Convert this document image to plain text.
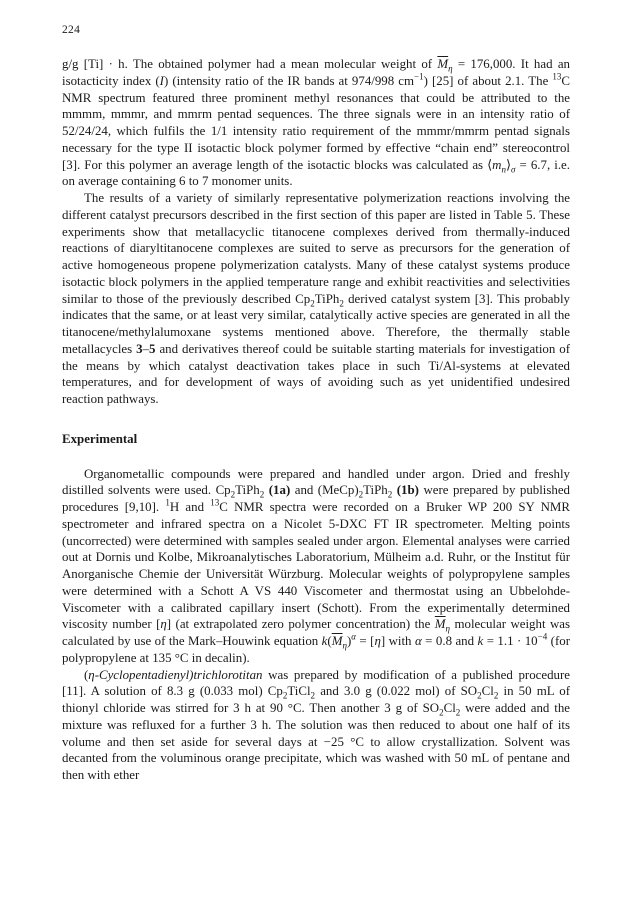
224

g/g [Ti] · h. The obtained polymer had a mean molecular weight of $\overline{M}_\eta = 176,000$. It had an isotacticity index (I) (intensity ratio of the IR bands at 974/998 $cm^{-1}$) [25] of about 2.1. The $^{13}$C NMR spectrum featured three prominent methyl resonances that could be attributed to the mmmm, mmmr, and mmrm pentad sequences. The three signals were in an intensity ratio of 52/24/24, which fulfils the 1/1 intensity ratio requirement of the mmmr/mmrm pentad signals necessary for the type II isotactic block polymer formed by effective “chain end” stereocontrol [3]. For this polymer an average length of the isotactic blocks was calculated as $⟨m_n⟩_\sigma = 6.7$, i.e. on average containing 6 to 7 monomer units.

The results of a variety of similarly representative polymerization reactions involving the different catalyst precursors described in the first section of this paper are listed in Table 5. These experiments show that metallacyclic titanocene complexes derived from thermally-induced reactions of diaryltitanocene complexes are suited to serve as precursors for the generation of active homogeneous propene polymerization catalysts. Many of these catalyst systems produce isotactic block polymers in the applied temperature range and exhibit reactivities and selectivities similar to those of the previously described $Cp_2TiPh_2$ derived catalyst system [3]. This probably indicates that the same, or at least very similar, catalytically active species are generated in all the titanocene/methylalumoxane systems mentioned above. Therefore, the thermally stable metallacycles 3–5 and derivatives thereof could be suitable starting materials for investigation of the means by which catalyst deactivation takes place in such Ti/Al-systems at elevated temperatures, and for development of ways of avoiding such as yet unidentified undesired reaction pathways.

Experimental

Organometallic compounds were prepared and handled under argon. Dried and freshly distilled solvents were used. $Cp_2TiPh_2$ (1a) and $(MeCp)_2TiPh_2$ (1b) were prepared by published procedures [9,10]. $^1$H and $^{13}$C NMR spectra were recorded on a Bruker WP 200 SY NMR spectrometer and infrared spectra on a Nicolet 5-DXC FT IR spectrometer. Melting points (uncorrected) were determined with samples sealed under argon. Elemental analyses were carried out at Dornis und Kolbe, Mikroanalytisches Laboratorium, Mülheim a.d. Ruhr, or the Institut für Anorganische Chemie der Universität Würzburg. Molecular weights of polypropylene samples were determined with a Schott A VS 440 Viscometer and thermostat using an Ubbelohde-Viscometer with a calibrated capillary insert (Schott). From the experimentally determined viscosity number [η] (at extrapolated zero polymer concentration) the $\overline{M}_\eta$ molecular weight was calculated by use of the Mark–Houwink equation $k(\overline{M}_\eta)^\alpha = [\eta]$ with α = 0.8 and $k = 1.1 \cdot 10^{-4}$ (for polypropylene at 135 °C in decalin).

(η-Cyclopentadienyl)trichlorotitan was prepared by modification of a published procedure [11]. A solution of 8.3 g (0.033 mol) $Cp_2TiCl_2$ and 3.0 g (0.022 mol) of $SO_2Cl_2$ in 50 mL of thionyl chloride was stirred for 3 h at 90 °C. Then another 3 g of $SO_2Cl_2$ were added and the mixture was refluxed for a further 3 h. The solution was then reduced to about one half of its volume and then set aside for several days at −25 °C to allow crystallization. Solvent was decanted from the voluminous orange precipitate, which was washed with 50 mL of pentane and then with ether
